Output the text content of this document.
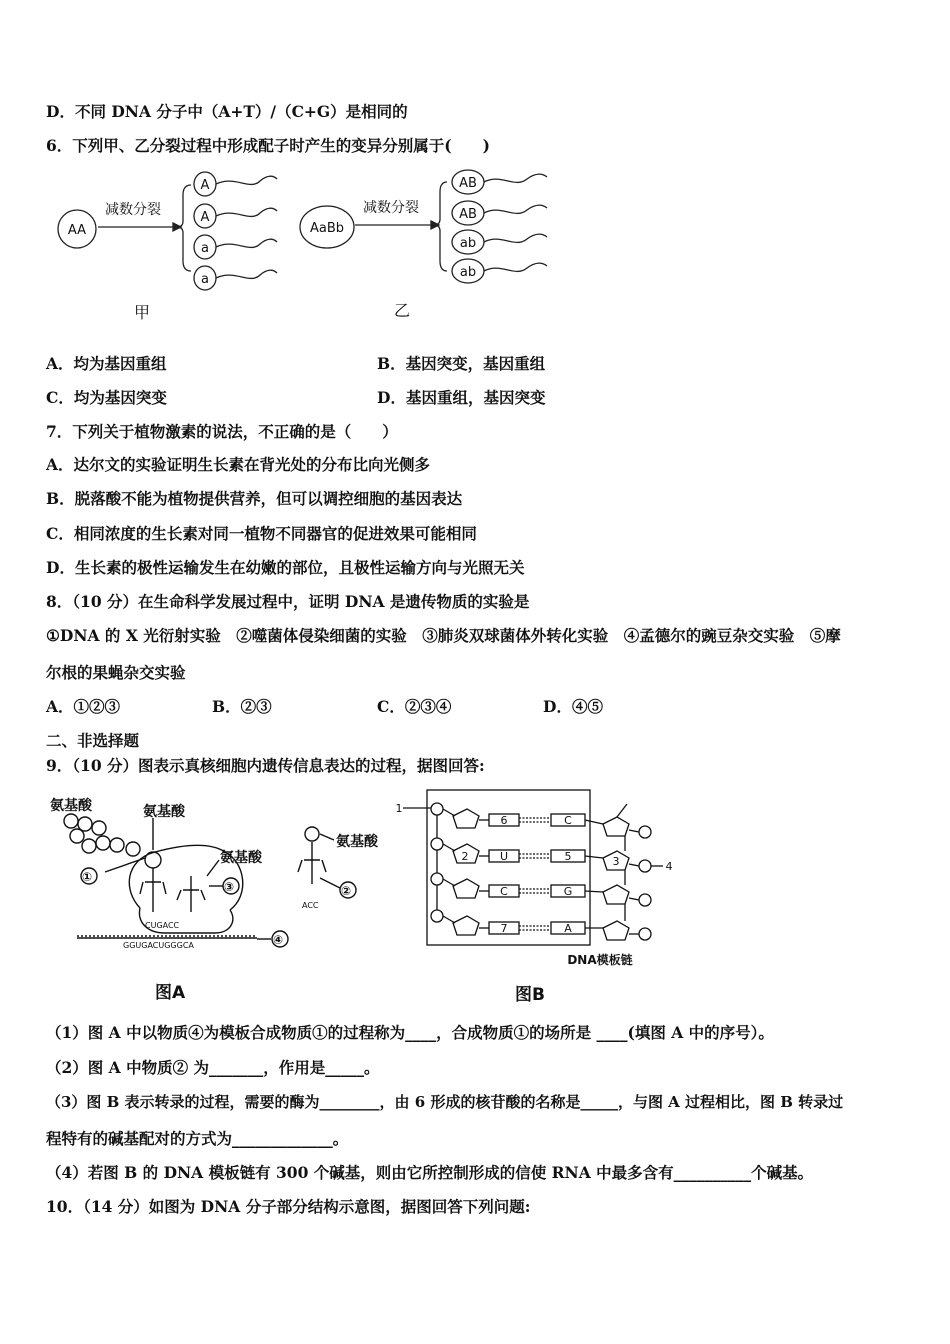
D．不同 DNA 分子中（A+T）/（C+G）是相同的
6．下列甲、乙分裂过程中形成配子时产生的变异分别属于(　　)
AA
减数分裂
A
A
a
a
AaBb
减数分裂
AB
AB
ab
ab
甲	乙
A．均为基因重组	B．基因突变，基因重组
C．均为基因突变	D．基因重组，基因突变
7．下列关于植物激素的说法，不正确的是（　　）
A．达尔文的实验证明生长素在背光处的分布比向光侧多
B．脱落酸不能为植物提供营养，但可以调控细胞的基因表达
C．相同浓度的生长素对同一植物不同器官的促进效果可能相同
D．生长素的极性运输发生在幼嫩的部位，且极性运输方向与光照无关
8．（10 分）在生命科学发展过程中，证明 DNA 是遗传物质的实验是
①DNA 的 X 光衍射实验　②噬菌体侵染细菌的实验　③肺炎双球菌体外转化实验　④孟德尔的豌豆杂交实验　⑤摩
尔根的果蝇杂交实验
A．①②③	B．②③	C．②③④	D．④⑤
二、非选择题
9．（10 分）图表示真核细胞内遗传信息表达的过程，据图回答:
氨基酸	氨基酸
氨基酸
①
③
④
CUGACC
GGUGACUGGGCA
图A
氨基酸
②
ACC
1
2	3	4
6
U
C
7
C
5
G
A
DNA模板链
图B
（1）图 A 中以物质④为模板合成物质①的过程称为____，合成物质①的场所是 ____(填图 A 中的序号）。
（2）图 A 中物质② 为_______，作用是_____。
（3）图 B 表示转录的过程，需要的酶为________，由 6 形成的核苷酸的名称是_____，与图 A 过程相比，图 B 转录过
程特有的碱基配对的方式为_____________。
（4）若图 B 的 DNA 模板链有 300 个碱基，则由它所控制形成的信使 RNA 中最多含有__________个碱基。
10．（14 分）如图为 DNA 分子部分结构示意图，据图回答下列问题:
